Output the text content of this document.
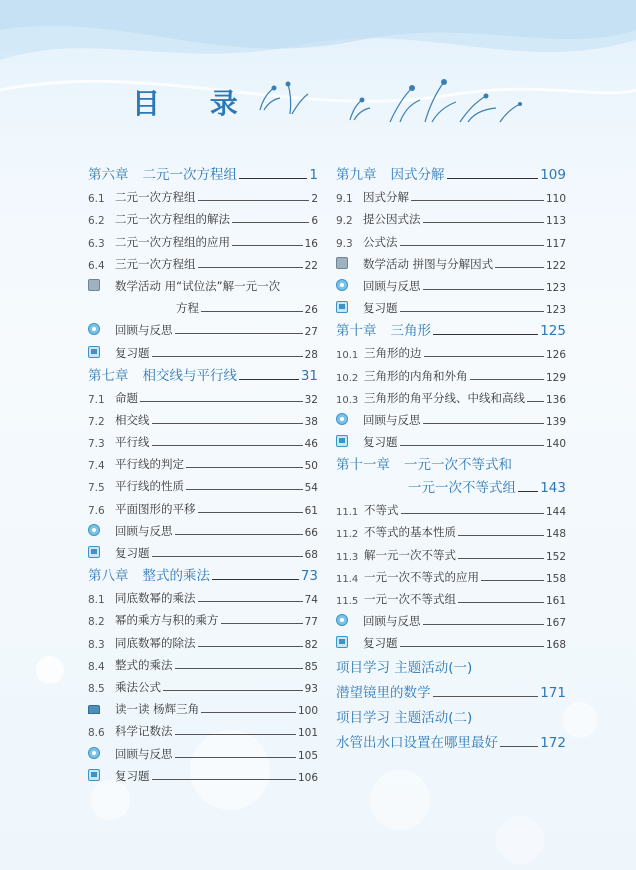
目 录
第六章 二元一次方程组	1
6.1 二元一次方程组	2
6.2 二元一次方程组的解法	6
6.3 二元一次方程组的应用	16
6.4 三元一次方程组	22
数学活动 用“试位法”解一元一次
方程	26
回顾与反思	27
复习题	28
第七章 相交线与平行线	31
7.1 命题	32
7.2 相交线	38
7.3 平行线	46
7.4 平行线的判定	50
7.5 平行线的性质	54
7.6 平面图形的平移	61
回顾与反思	66
复习题	68
第八章 整式的乘法	73
8.1 同底数幂的乘法	74
8.2 幂的乘方与积的乘方	77
8.3 同底数幂的除法	82
8.4 整式的乘法	85
8.5 乘法公式	93
读一读 杨辉三角	100
8.6 科学记数法	101
回顾与反思	105
复习题	106
第九章 因式分解	109
9.1 因式分解	110
9.2 提公因式法	113
9.3 公式法	117
数学活动 拼图与分解因式	122
回顾与反思	123
复习题	123
第十章 三角形	125
10.1 三角形的边	126
10.2 三角形的内角和外角	129
10.3 三角形的角平分线、中线和高线 136
回顾与反思	139
复习题	140
第十一章 一元一次不等式和
一元一次不等式组 143
11.1 不等式	144
11.2 不等式的基本性质	148
11.3 解一元一次不等式	152
11.4 一元一次不等式的应用	158
11.5 一元一次不等式组	161
回顾与反思	167
复习题	168
项目学习 主题活动(一)
潜望镜里的数学	171
项目学习 主题活动(二)
水管出水口设置在哪里最好	172
